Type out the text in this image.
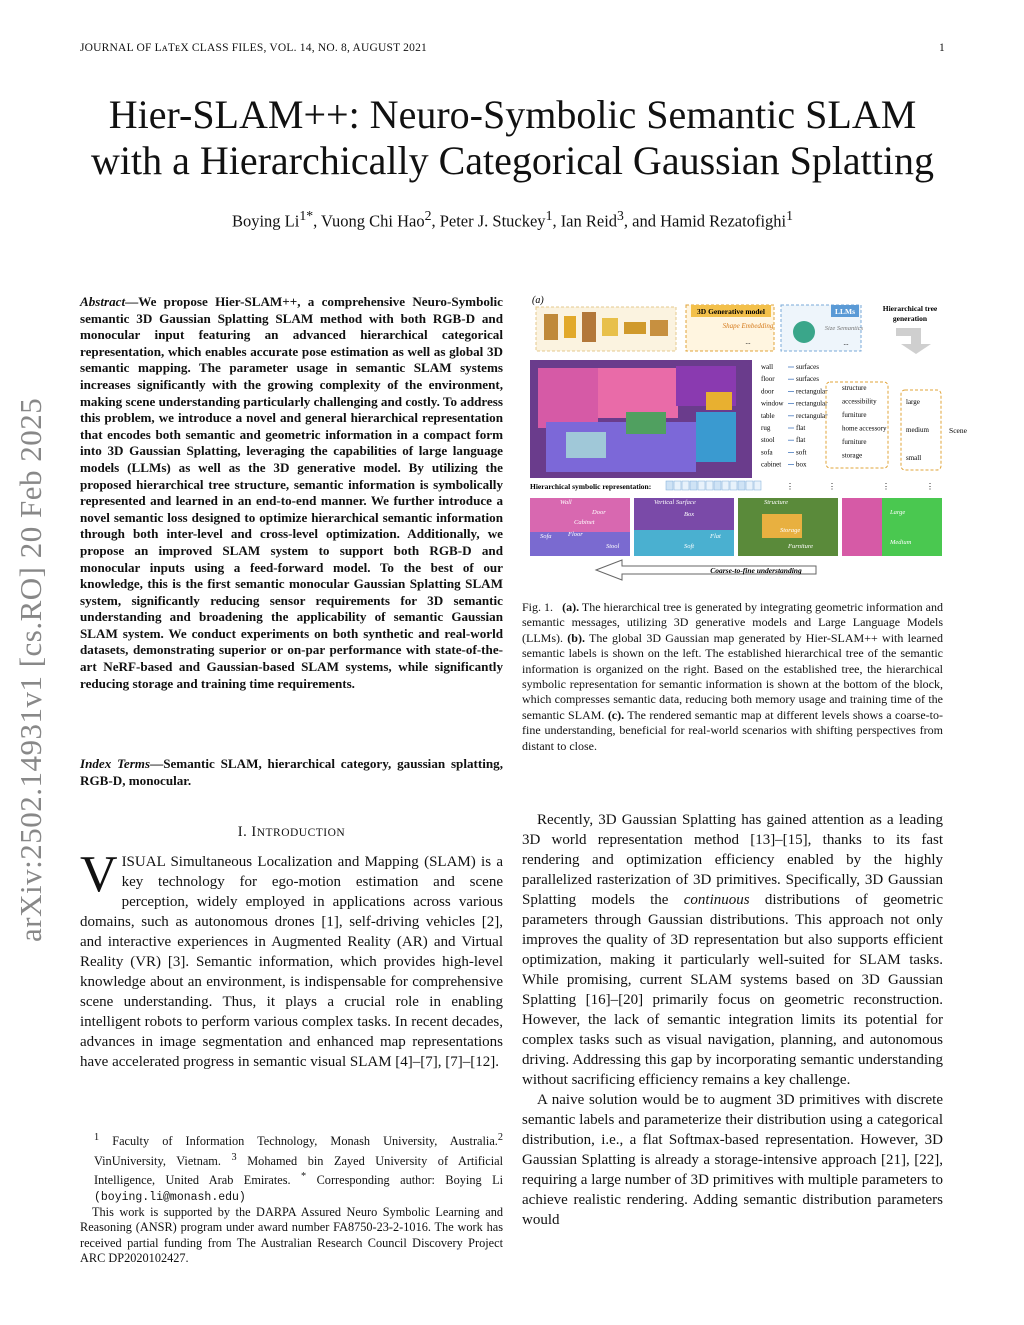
JOURNAL OF LᴀTᴇX CLASS FILES, VOL. 14, NO. 8, AUGUST 2021	1
Hier-SLAM++: Neuro-Symbolic Semantic SLAM
with a Hierarchically Categorical Gaussian Splatting
Boying $Li^{1*}$, Vuong Chi Hao$^2$, Peter J. Stuckey$^1$, Ian Reid$^3$, and Hamid Rezatofighi$^1$
arXiv:2502.14931v1 [cs.RO] 20 Feb 2025
Abstract—We propose Hier-SLAM++, a comprehensive Neuro-Symbolic semantic 3D Gaussian Splatting SLAM method with both RGB-D and monocular input featuring an advanced hierarchical categorical representation, which enables accurate pose estimation as well as global 3D semantic mapping. The parameter usage in semantic SLAM systems increases significantly with the growing complexity of the environment, making scene understanding particularly challenging and costly. To address this problem, we introduce a novel and general hierarchical representation that encodes both semantic and geometric information in a compact form into 3D Gaussian Splatting, leveraging the capabilities of large language models (LLMs) as well as the 3D generative model. By utilizing the proposed hierarchical tree structure, semantic information is symbolically represented and learned in an end-to-end manner. We further introduce a novel semantic loss designed to optimize hierarchical semantic information through both inter-level and cross-level optimization. Additionally, we propose an improved SLAM system to support both RGB-D and monocular inputs using a feed-forward model. To the best of our knowledge, this is the first semantic monocular Gaussian Splatting SLAM system, significantly reducing sensor requirements for 3D semantic understanding and broadening the applicability of semantic Gaussian SLAM system. We conduct experiments on both synthetic and real-world datasets, demonstrating superior or on-par performance with state-of-the-art NeRF-based and Gaussian-based SLAM systems, while significantly reducing storage and training time requirements.
Index Terms—Semantic SLAM, hierarchical category, gaussian splatting, RGB-D, monocular.
I. INTRODUCTION
VISUAL Simultaneous Localization and Mapping (SLAM) is a key technology for ego-motion estimation and scene perception, widely employed in applications across various domains, such as autonomous drones [1], self-driving vehicles [2], and interactive experiences in Augmented Reality (AR) and Virtual Reality (VR) [3]. Semantic information, which provides high-level knowledge about an environment, is indispensable for comprehensive scene understanding. Thus, it plays a crucial role in enabling intelligent robots to perform various complex tasks. In recent decades, advances in image segmentation and enhanced map representations have accelerated progress in semantic visual SLAM [4]–[7], [7]–[12].
$^1$ Faculty of Information Technology, Monash University, Australia.$^2$ VinUniversity, Vietnam. $^3$ Mohamed bin Zayed University of Artificial Intelligence, United Arab Emirates. * Corresponding author: Boying Li (boying.li@monash.edu)
This work is supported by the DARPA Assured Neuro Symbolic Learning and Reasoning (ANSR) program under award number FA8750-23-2-1016. The work has received partial funding from The Australian Research Council Discovery Project ARC DP2020102427.
(a)
3D Generative model
Shape Embedding
...
LLMs
Size Semantics
...
Hierarchical tree
generation
wall
floor
door
window
table
rug
stool
sofa
cabinet
surfaces
surfaces
rectangular
rectangular
rectangular
flat
flat
soft
box
structure
accessibility
furniture
home accessory
furniture
storage
large
medium
small
Scene
Hierarchical symbolic representation:	⋮	⋮	⋮	⋮
Wall
Door
Cabinet
Sofa	Floor
Stool
Vertical Surface
Box
Flat
Soft
Structure
Storage
Furniture
Large
Medium
Coarse-to-fine understanding
Fig. 1. (a). The hierarchical tree is generated by integrating geometric information and semantic messages, utilizing 3D generative models and Large Language Models (LLMs). (b). The global 3D Gaussian map generated by Hier-SLAM++ with learned semantic labels is shown on the left. The established hierarchical tree of the semantic information is organized on the right. Based on the established tree, the hierarchical symbolic representation for semantic information is shown at the bottom of the block, which compresses semantic data, reducing both memory usage and training time of the semantic SLAM. (c). The rendered semantic map at different levels shows a coarse-to-fine understanding, beneficial for real-world scenarios with shifting perspectives from distant to close.

Recently, 3D Gaussian Splatting has gained attention as a leading 3D world representation method [13]–[15], thanks to its fast rendering and optimization efficiency enabled by the highly parallelized rasterization of 3D primitives. Specifically, 3D Gaussian Splatting models the continuous distributions of geometric parameters through Gaussian distributions. This approach not only improves the quality of 3D representation but also supports efficient optimization, making it particularly well-suited for SLAM tasks. While promising, current SLAM systems based on 3D Gaussian Splatting [16]–[20] primarily focus on geometric reconstruction. However, the lack of semantic integration limits its potential for complex tasks such as visual navigation, planning, and autonomous driving. Addressing this gap by incorporating semantic understanding without sacrificing efficiency remains a key challenge.

A naive solution would be to augment 3D primitives with discrete semantic labels and parameterize their distribution using a categorical distribution, i.e., a flat Softmax-based representation. However, 3D Gaussian Splatting is already a storage-intensive approach [21], [22], requiring a large number of 3D primitives with multiple parameters to achieve realistic rendering. Adding semantic distribution parameters would
